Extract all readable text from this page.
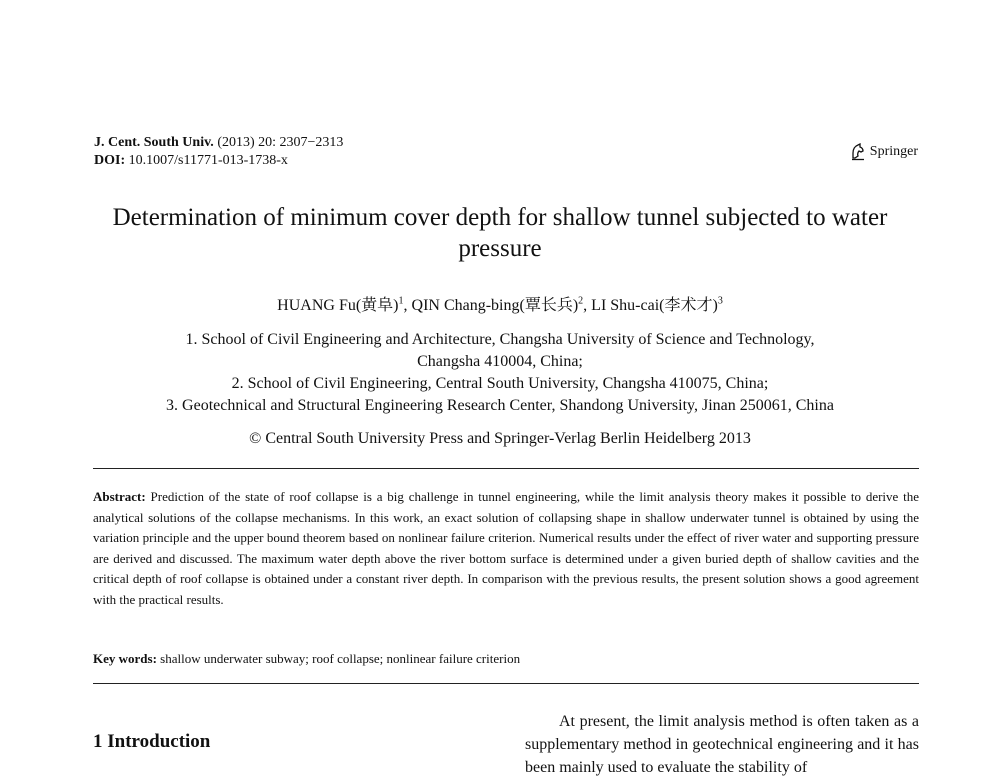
J. Cent. South Univ. (2013) 20: 2307−2313
DOI: 10.1007/s11771-013-1738-x
Springer
Determination of minimum cover depth for shallow tunnel subjected to water pressure
HUANG Fu(黄阜)$^1$, QIN Chang-bing(覃长兵)$^2$, LI Shu-cai(李术才)$^3$
1. School of Civil Engineering and Architecture, Changsha University of Science and Technology,
Changsha 410004, China;
2. School of Civil Engineering, Central South University, Changsha 410075, China;
3. Geotechnical and Structural Engineering Research Center, Shandong University, Jinan 250061, China
© Central South University Press and Springer-Verlag Berlin Heidelberg 2013
Abstract: Prediction of the state of roof collapse is a big challenge in tunnel engineering, while the limit analysis theory makes it possible to derive the analytical solutions of the collapse mechanisms. In this work, an exact solution of collapsing shape in shallow underwater tunnel is obtained by using the variation principle and the upper bound theorem based on nonlinear failure criterion. Numerical results under the effect of river water and supporting pressure are derived and discussed. The maximum water depth above the river bottom surface is determined under a given buried depth of shallow cavities and the critical depth of roof collapse is obtained under a constant river depth. In comparison with the previous results, the present solution shows a good agreement with the practical results.
Key words: shallow underwater subway; roof collapse; nonlinear failure criterion
1 Introduction
At present, the limit analysis method is often taken as a supplementary method in geotechnical engineering and it has been mainly used to evaluate the stability of
